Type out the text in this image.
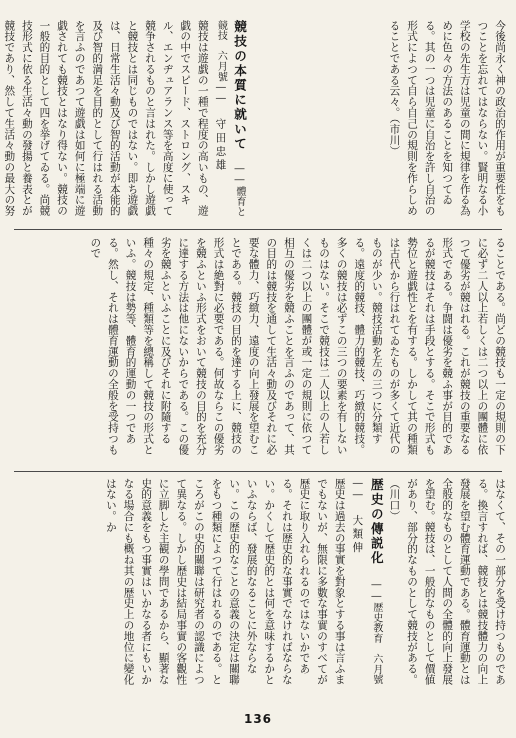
今後尚永く神の政治的作用が重要性をもつことを忘れてはならない。賢明なる小学校の先生方は児童の間に規律を作る為めに色々の方法のあることを知つてゐる。其の一つは児童に自治を許し自治の形式によつて自ら自己の規則を作らしめることである云々。（市川）
競技の本質に就いて――體育と競技　六月號――守田忠雄
競技は遊戯の一種で程度の高いもの、遊戯の中でスピード、ストロング、スキル、エンヂュアランス等を高度に使って競争されるものと言はれた。しかし遊戯と競技とは同じものではない。即ち遊戯は、日常生活々動及び智的活動が本能的及び智的満足を目的として行はれる活動を言ふのであつて遊戯は如何に極端に遊戯されても競技とはなり得ない。競技の一般的目的として四を挙げてゐる。尚競技形式に依る生活々動の發揚と養表とが競技であり、然して生活々動の最大の努
ることである。尚どの競技も一定の規則の下に必ず二人以上若しくは二つ以上の團體に依つて優劣が競はれる。これが競技の重要なる形式である。争闘は優劣を競ふ事が目的であるが競技はそれは手段とする。そこで形式も勢位と遊戯性とを有する。しかして其の種類は古代から行はれてゐたものが多くて近代のものが少い。競技活動を左の三つに分類する。遠度的競技、體力的競技、巧緻的競技。多くの競技は必ずこの三つの要素を有しないものはない。そこで競技は二人以上の人若しくは二つ以上の團體が或一定の規則に依つて相互の優劣を競ふことを言ふのであって、其の目的は競技を通して生活々動及びそれに必要な體力、巧緻力、遠度の向上發展を望むことである。競技の目的を達する上に、競技の形式は絶對に必要である。何故ならこの優劣を競ふといふ形式をおいて競技の目的を充分に達する方法は他にないからである。この優劣を競ふといふことに及びそれに附隨する種々の規定、種類等を總稱して競技の形式といふ。競技は勢等、體育的運動の一つである。然し、それは體育運動の全般を受持つもので
はなくて、その一部分を受け持つものである。換言すれば、競技とは競技體力の向上發展を望む體育運動である。體育運動とは全般的なものとして人間の全體的向上發展を望む。競技は、一般的なものとして價値があり、部分的なものとして競技がある。（川口）
歴史の傳説化――歴史教育　六月號――大類伸
歴史は過去の事實を對象とする事は言ふまでもないが、無限に多數な事實のすべてが歴史に取り入れられるのではないかである。それは歴史的な事實でなければならない。かくして歴史的とは何を意味するかといふならば、發展的なることに外ならない。この歴史的なことの意義の決定は關聯をもつ種類によつて行はれるのである。ところがこの史的關聯は研究者の認識によつて異なる。しかし歴史は結局事實の客觀性に立脚した主観の學問であるから、顯著な史的意義をもつ事實はいかなる者にもいかなる場合にも概ね其の歴史上の地位に變化はない。か
136
